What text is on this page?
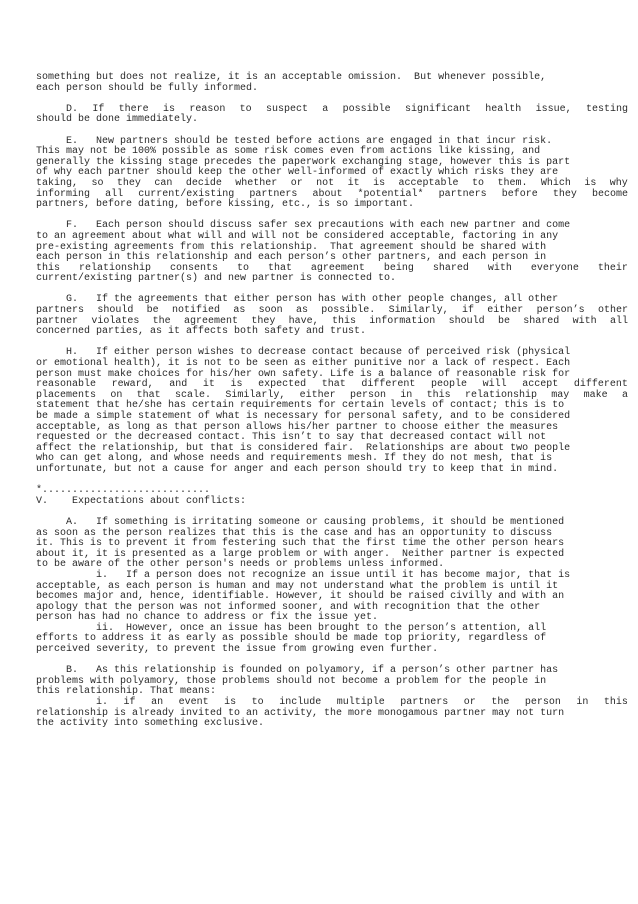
something but does not realize, it is an acceptable omission.  But whenever possible,
each person should be fully informed.
D. If there is reason to suspect a possible significant health issue, testing
should be done immediately.
E.   New partners should be tested before actions are engaged in that incur risk.
This may not be 100% possible as some risk comes even from actions like kissing, and
generally the kissing stage precedes the paperwork exchanging stage, however this is part
of why each partner should keep the other well-informed of exactly which risks they are
taking, so they can decide whether or not it is acceptable to them. Which is why
informing all current/existing partners about *potential* partners before they become
partners, before dating, before kissing, etc., is so important.
F.   Each person should discuss safer sex precautions with each new partner and come
to an agreement about what will and will not be considered acceptable, factoring in any
pre-existing agreements from this relationship.  That agreement should be shared with
each person in this relationship and each person’s other partners, and each person in
this relationship consents to that agreement being shared with everyone their
current/existing partner(s) and new partner is connected to.
G.   If the agreements that either person has with other people changes, all other
partners should be notified as soon as possible. Similarly, if either person’s other
partner violates the agreement they have, this information should be shared with all
concerned parties, as it affects both safety and trust.
H.   If either person wishes to decrease contact because of perceived risk (physical
or emotional health), it is not to be seen as either punitive nor a lack of respect. Each
person must make choices for his/her own safety. Life is a balance of reasonable risk for
reasonable reward, and it is expected that different people will accept different
placements on that scale. Similarly, either person in this relationship may make a
statement that he/she has certain requirements for certain levels of contact; this is to
be made a simple statement of what is necessary for personal safety, and to be considered
acceptable, as long as that person allows his/her partner to choose either the measures
requested or the decreased contact. This isn’t to say that decreased contact will not
affect the relationship, but that is considered fair.  Relationships are about two people
who can get along, and whose needs and requirements mesh. If they do not mesh, that is
unfortunate, but not a cause for anger and each person should try to keep that in mind.
*............................
V.    Expectations about conflicts:
A.   If something is irritating someone or causing problems, it should be mentioned
as soon as the person realizes that this is the case and has an opportunity to discuss
it. This is to prevent it from festering such that the first time the other person hears
about it, it is presented as a large problem or with anger.  Neither partner is expected
to be aware of the other person's needs or problems unless informed.
i.   If a person does not recognize an issue until it has become major, that is
acceptable, as each person is human and may not understand what the problem is until it
becomes major and, hence, identifiable. However, it should be raised civilly and with an
apology that the person was not informed sooner, and with recognition that the other
person has had no chance to address or fix the issue yet.
ii.  However, once an issue has been brought to the person’s attention, all
efforts to address it as early as possible should be made top priority, regardless of
perceived severity, to prevent the issue from growing even further.
B.   As this relationship is founded on polyamory, if a person’s other partner has
problems with polyamory, those problems should not become a problem for the people in
this relationship. That means:
i. if an event is to include multiple partners or the person in this
relationship is already invited to an activity, the more monogamous partner may not turn
the activity into something exclusive.
